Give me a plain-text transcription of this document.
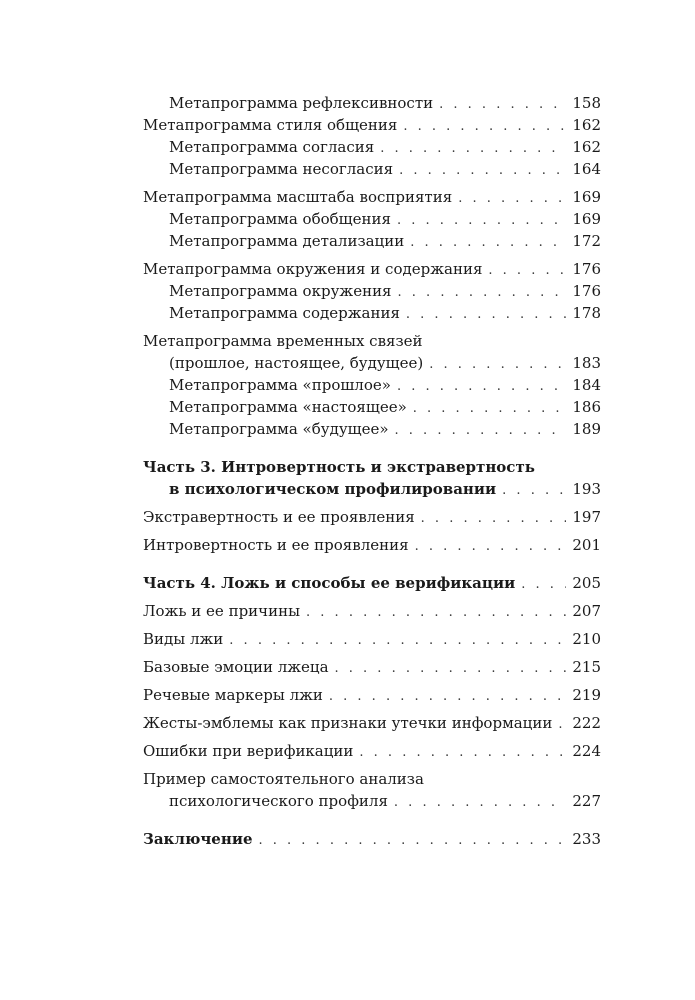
Метапрограмма рефлексивности . . .	158
Метапрограмма стиля общения . . .	162
Метапрограмма согласия . . .	162
Метапрограмма несогласия . . .	164
Метапрограмма масштаба восприятия . . .	169
Метапрограмма обобщения . . .	169
Метапрограмма детализации . . .	172
Метапрограмма окружения и содержания . . .	176
Метапрограмма окружения . . .	176
Метапрограмма содержания . . .	178
Метапрограмма временных связей
(прошлое, настоящее, будущее) . . .	183
Метапрограмма «прошлое» . . .	184
Метапрограмма «настоящее» . . .	186
Метапрограмма «будущее» . . .	189
Часть 3. Интровертность и экстравертность
в психологическом профилировании . . .	193
Экстравертность и ее проявления . . .	197
Интровертность и ее проявления . . .	201
Часть 4. Ложь и способы ее верификации . . .	205
Ложь и ее причины . . .	207
Виды лжи . . .	210
Базовые эмоции лжеца . . .	215
Речевые маркеры лжи . . .	219
Жесты-эмблемы как признаки утечки информации . . .	222
Ошибки при верификации . . .	224
Пример самостоятельного анализа
психологического профиля . . .	227
Заключение . . .	233
